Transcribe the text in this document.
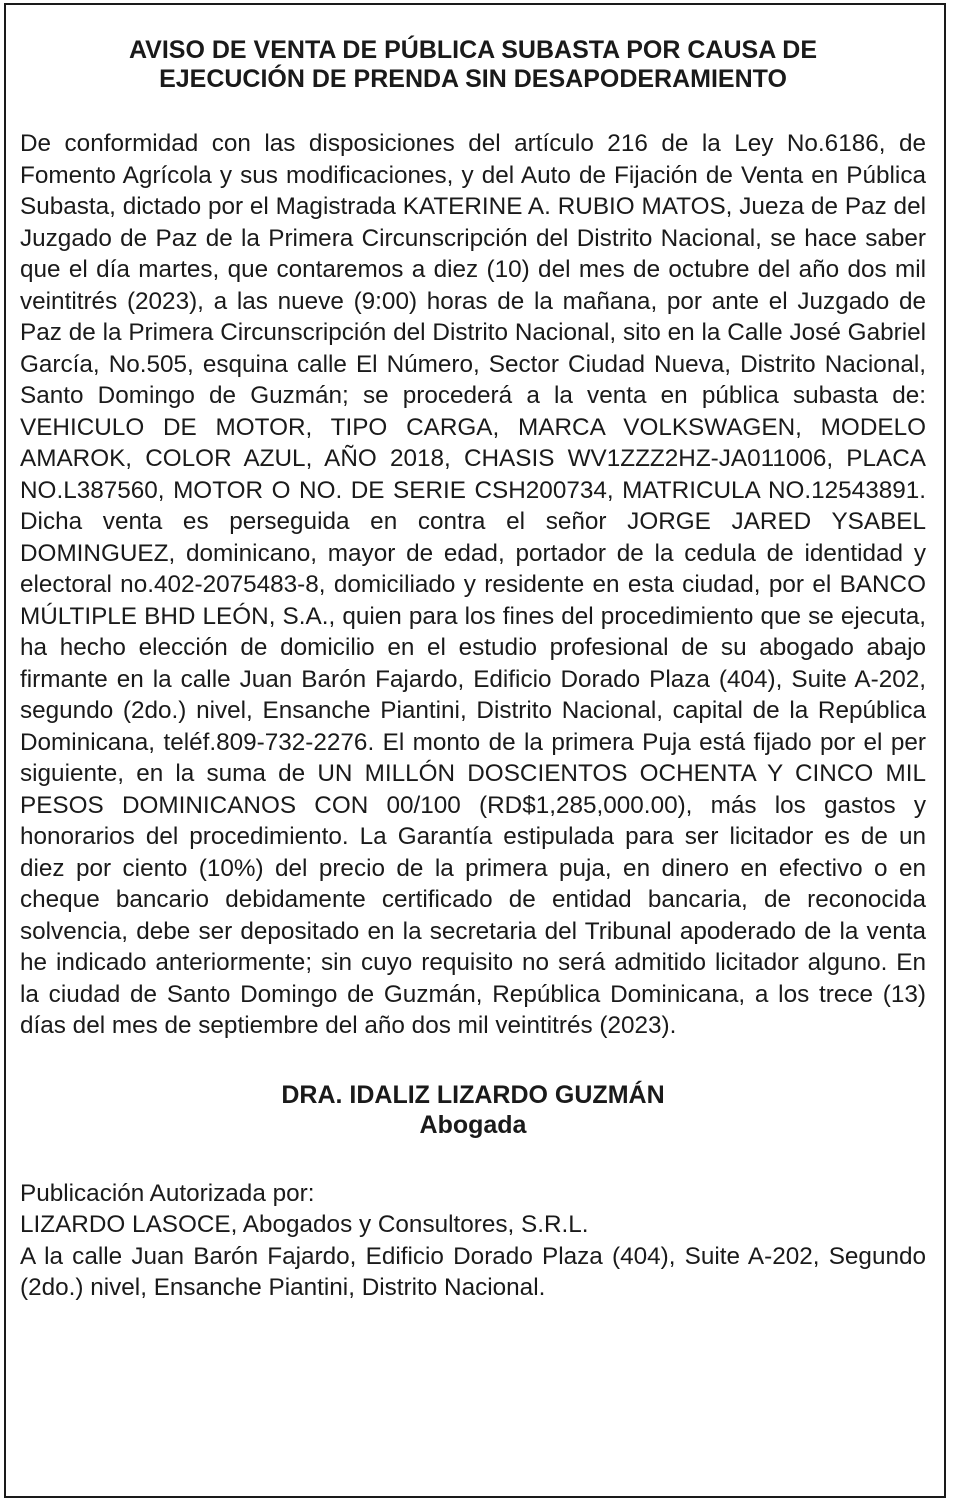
AVISO DE VENTA DE PÚBLICA SUBASTA POR CAUSA DE
EJECUCIÓN DE PRENDA SIN DESAPODERAMIENTO

De conformidad con las disposiciones del artículo 216 de la Ley No.6186, de Fomento Agrícola y sus modificaciones, y del Auto de Fijación de Venta en Pública Subasta, dictado por el Magistrada KATERINE A. RUBIO MATOS, Jueza de Paz del Juzgado de Paz de la Primera Circunscripción del Distrito Nacional, se hace saber que el día martes, que contaremos a diez (10) del mes de octubre del año dos mil veintitrés (2023), a las nueve (9:00) horas de la mañana, por ante el Juzgado de Paz de la Primera Circunscripción del Distrito Nacional, sito en la Calle José Gabriel García, No.505, esquina calle El Número, Sector Ciudad Nueva, Distrito Nacional, Santo Domingo de Guzmán; se procederá a la venta en pública subasta de: VEHICULO DE MOTOR, TIPO CARGA, MARCA VOLKSWAGEN, MODELO AMAROK, COLOR AZUL, AÑO 2018, CHASIS WV1ZZZ2HZ-JA011006, PLACA NO.L387560, MOTOR O NO. DE SERIE CSH200734, MATRICULA NO.12543891. Dicha venta es perseguida en contra el señor JORGE JARED YSABEL DOMINGUEZ, dominicano, mayor de edad, portador de la cedula de identidad y electoral no.402-2075483-8, domiciliado y residente en esta ciudad, por el BANCO MÚLTIPLE BHD LEÓN, S.A., quien para los fines del procedimiento que se ejecuta, ha hecho elección de domicilio en el estudio profesional de su abogado abajo firmante en la calle Juan Barón Fajardo, Edificio Dorado Plaza (404), Suite A-202, segundo (2do.) nivel, Ensanche Piantini, Distrito Nacional, capital de la República Dominicana, teléf.809-732-2276. El monto de la primera Puja está fijado por el per siguiente, en la suma de UN MILLÓN DOSCIENTOS OCHENTA Y CINCO MIL PESOS DOMINICANOS CON 00/100 (RD$1,285,000.00), más los gastos y honorarios del procedimiento. La Garantía estipulada para ser licitador es de un diez por ciento (10%) del precio de la primera puja, en dinero en efectivo o en cheque bancario debidamente certificado de entidad bancaria, de reconocida solvencia, debe ser depositado en la secretaria del Tribunal apoderado de la venta he indicado anteriormente; sin cuyo requisito no será admitido licitador alguno. En la ciudad de Santo Domingo de Guzmán, República Dominicana, a los trece (13) días del mes de septiembre del año dos mil veintitrés (2023).

DRA. IDALIZ LIZARDO GUZMÁN
Abogada
Publicación Autorizada por:
LIZARDO LASOCE, Abogados y Consultores, S.R.L.
A la calle Juan Barón Fajardo, Edificio Dorado Plaza (404), Suite A-202, Segundo (2do.) nivel, Ensanche Piantini, Distrito Nacional.
